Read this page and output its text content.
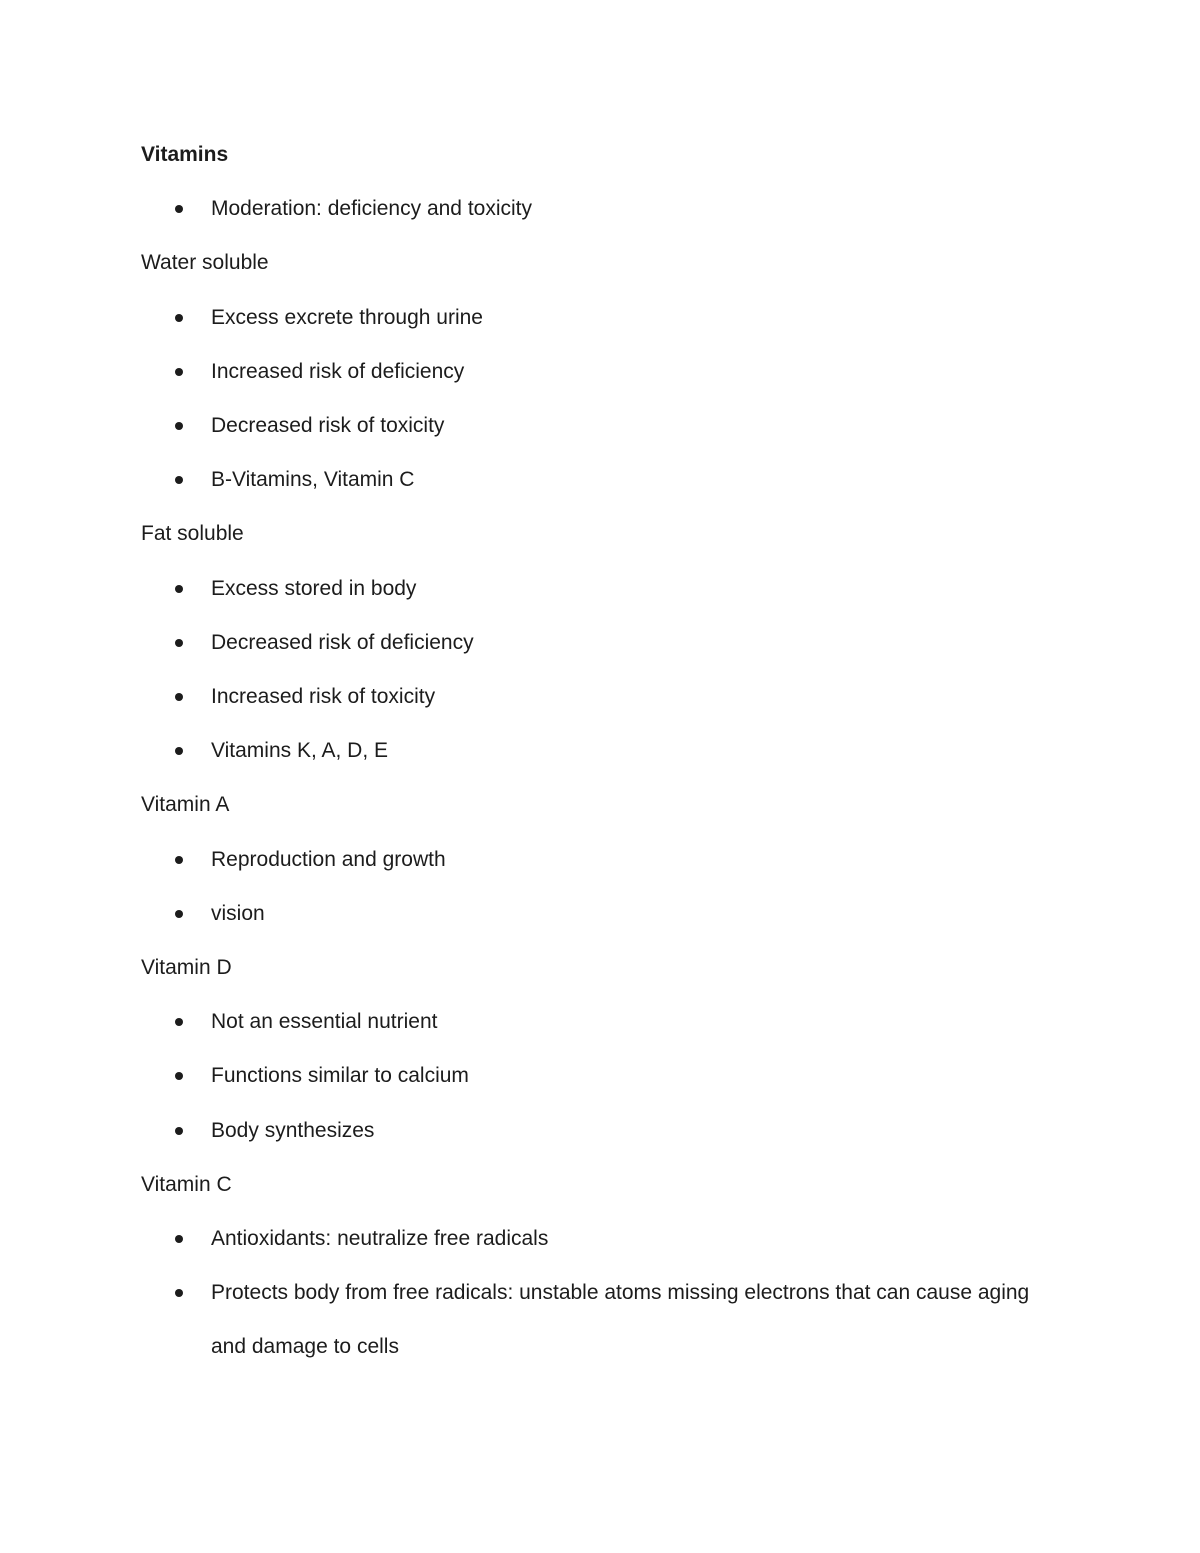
Vitamins
Moderation: deficiency and toxicity
Water soluble
Excess excrete through urine
Increased risk of deficiency
Decreased risk of toxicity
B-Vitamins, Vitamin C
Fat soluble
Excess stored in body
Decreased risk of deficiency
Increased risk of toxicity
Vitamins K, A, D, E
Vitamin A
Reproduction and growth
vision
Vitamin D
Not an essential nutrient
Functions similar to calcium
Body synthesizes
Vitamin C
Antioxidants: neutralize free radicals
Protects body from free radicals: unstable atoms missing electrons that can cause aging and damage to cells
